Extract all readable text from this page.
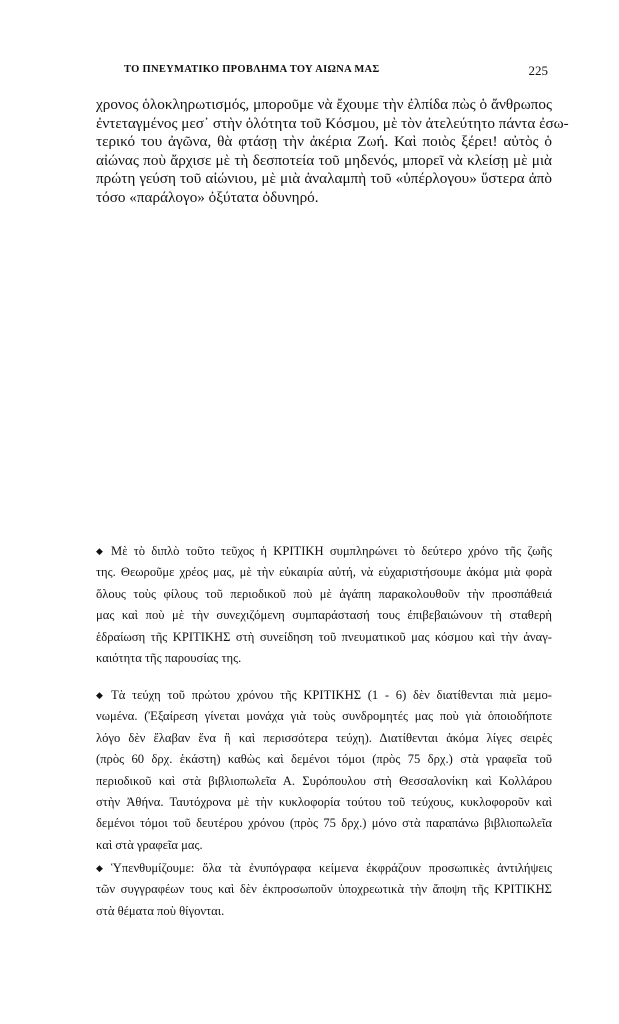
ΤΟ ΠΝΕΥΜΑΤΙΚΟ ΠΡΟΒΛΗΜΑ ΤΟΥ ΑΙΩΝΑ ΜΑΣ	225
χρονος ὁλοκληρωτισμός, μποροῦμε νὰ ἔχουμε τὴν ἐλπίδα πὼς ὁ ἄνθρωπος
ἐντεταγμένος μεσ᾽ στὴν ὁλότητα τοῦ Κόσμου, μὲ τὸν ἀτελεύτητο πάντα ἐσω-
τερικό του ἀγῶνα, θὰ φτάσῃ τὴν ἀκέρια Ζωή. Καὶ ποιὸς ξέρει! αὐτὸς ὁ
αἰώνας ποὺ ἄρχισε μὲ τὴ δεσποτεία τοῦ μηδενός, μπορεῖ νὰ κλείσῃ μὲ μιὰ
πρώτη γεύση τοῦ αἰώνιου, μὲ μιὰ ἀναλαμπὴ τοῦ «ὑπέρλογου» ὕστερα ἀπὸ
τόσο «παράλογο» ὀξύτατα ὀδυνηρό.
◆ Μὲ τὸ διπλὸ τοῦτο τεῦχος ἡ ΚΡΙΤΙΚΗ συμπληρώνει τὸ δεύτερο χρόνο τῆς ζωῆς
της. Θεωροῦμε χρέος μας, μὲ τὴν εὐκαιρία αὐτή, νὰ εὐχαριστήσουμε ἀκόμα μιὰ φορὰ
ὅλους τοὺς φίλους τοῦ περιοδικοῦ ποὺ μὲ ἀγάπη παρακολουθοῦν τὴν προσπάθειά
μας καὶ ποὺ μὲ τὴν συνεχιζόμενη συμπαράστασή τους ἐπιβεβαιώνουν τὴ σταθερὴ
ἑδραίωση τῆς ΚΡΙΤΙΚΗΣ στὴ συνείδηση τοῦ πνευματικοῦ μας κόσμου καὶ τὴν ἀναγ-
καιότητα τῆς παρουσίας της.
◆ Τὰ τεύχη τοῦ πρώτου χρόνου τῆς ΚΡΙΤΙΚΗΣ (1 - 6) δὲν διατίθενται πιὰ μεμο-
νωμένα. (Ἐξαίρεση γίνεται μονάχα γιὰ τοὺς συνδρομητές μας ποὺ γιὰ ὁποιοδήποτε
λόγο δὲν ἔλαβαν ἕνα ἢ καὶ περισσότερα τεύχη). Διατίθενται ἀκόμα λίγες σειρὲς
(πρὸς 60 δρχ. ἑκάστη) καθὼς καὶ δεμένοι τόμοι (πρὸς 75 δρχ.) στὰ γραφεῖα τοῦ
περιοδικοῦ καὶ στὰ βιβλιοπωλεῖα Α. Συρόπουλου στὴ Θεσσαλονίκη καὶ Κολλάρου
στὴν Ἀθήνα. Ταυτόχρονα μὲ τὴν κυκλοφορία τούτου τοῦ τεύχους, κυκλοφοροῦν καὶ
δεμένοι τόμοι τοῦ δευτέρου χρόνου (πρὸς 75 δρχ.) μόνο στὰ παραπάνω βιβλιοπωλεῖα
καὶ στὰ γραφεῖα μας.
◆ Ὑπενθυμίζουμε: ὅλα τὰ ἐνυπόγραφα κείμενα ἐκφράζουν προσωπικὲς ἀντιλήψεις
τῶν συγγραφέων τους καὶ δὲν ἐκπροσωποῦν ὑποχρεωτικὰ τὴν ἄποψη τῆς ΚΡΙΤΙΚΗΣ
στὰ θέματα ποὺ θίγονται.
